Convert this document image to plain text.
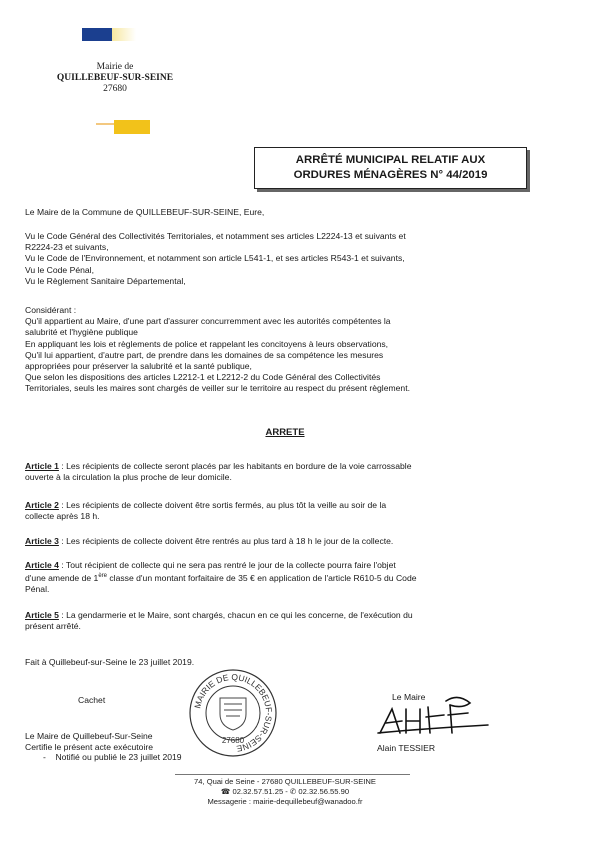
Mairie de
QUILLEBEUF-SUR-SEINE
27680
ARRÊTÉ MUNICIPAL RELATIF AUX
ORDURES MÉNAGÈRES N° 44/2019
Le Maire de la Commune de QUILLEBEUF-SUR-SEINE, Eure,
Vu le Code Général des Collectivités Territoriales, et notamment ses articles L2224-13 et suivants et
R2224-23 et suivants,
Vu le Code de l'Environnement, et notamment son article L541-1, et ses articles R543-1 et suivants,
Vu le Code Pénal,
Vu le Règlement Sanitaire Départemental,
Considérant :
Qu'il appartient au Maire, d'une part d'assurer concurremment avec les autorités compétentes la
salubrité et l'hygiène publique
En appliquant les lois et règlements de police et rappelant les concitoyens à leurs observations,
Qu'il lui appartient, d'autre part, de prendre dans les domaines de sa compétence les mesures
appropriées pour préserver la salubrité et la santé publique,
Que selon les dispositions des articles L2212-1 et L2212-2 du Code Général des Collectivités
Territoriales, seuls les maires sont chargés de veiller sur le territoire au respect du présent règlement.
ARRETE
Article 1 : Les récipients de collecte seront placés par les habitants en bordure de la voie carrossable
ouverte à la circulation la plus proche de leur domicile.
Article 2 : Les récipients de collecte doivent être sortis fermés, au plus tôt la veille au soir de la
collecte après 18 h.
Article 3 : Les récipients de collecte doivent être rentrés au plus tard à 18 h le jour de la collecte.
Article 4 : Tout récipient de collecte qui ne sera pas rentré le jour de la collecte pourra faire l'objet
d'une amende de 1ère classe d'un montant forfaitaire de 35 € en application de l'article R610-5 du Code
Pénal.
Article 5 : La gendarmerie et le Maire, sont chargés, chacun en ce qui les concerne, de l'exécution du
présent arrêté.
Fait à Quillebeuf-sur-Seine le 23 juillet 2019.
Cachet	Le Maire
MAIRIE DE QUILLEBEUF-SUR-SEINE
27680
Alain TESSIER
Le Maire de Quillebeuf-Sur-Seine
Certifie le présent acte exécutoire
- Notifié ou publié le 23 juillet 2019
74, Quai de Seine - 27680 QUILLEBEUF-SUR-SEINE
☎ 02.32.57.51.25 - ✆ 02.32.56.55.90
Messagerie : mairie-dequillebeuf@wanadoo.fr
